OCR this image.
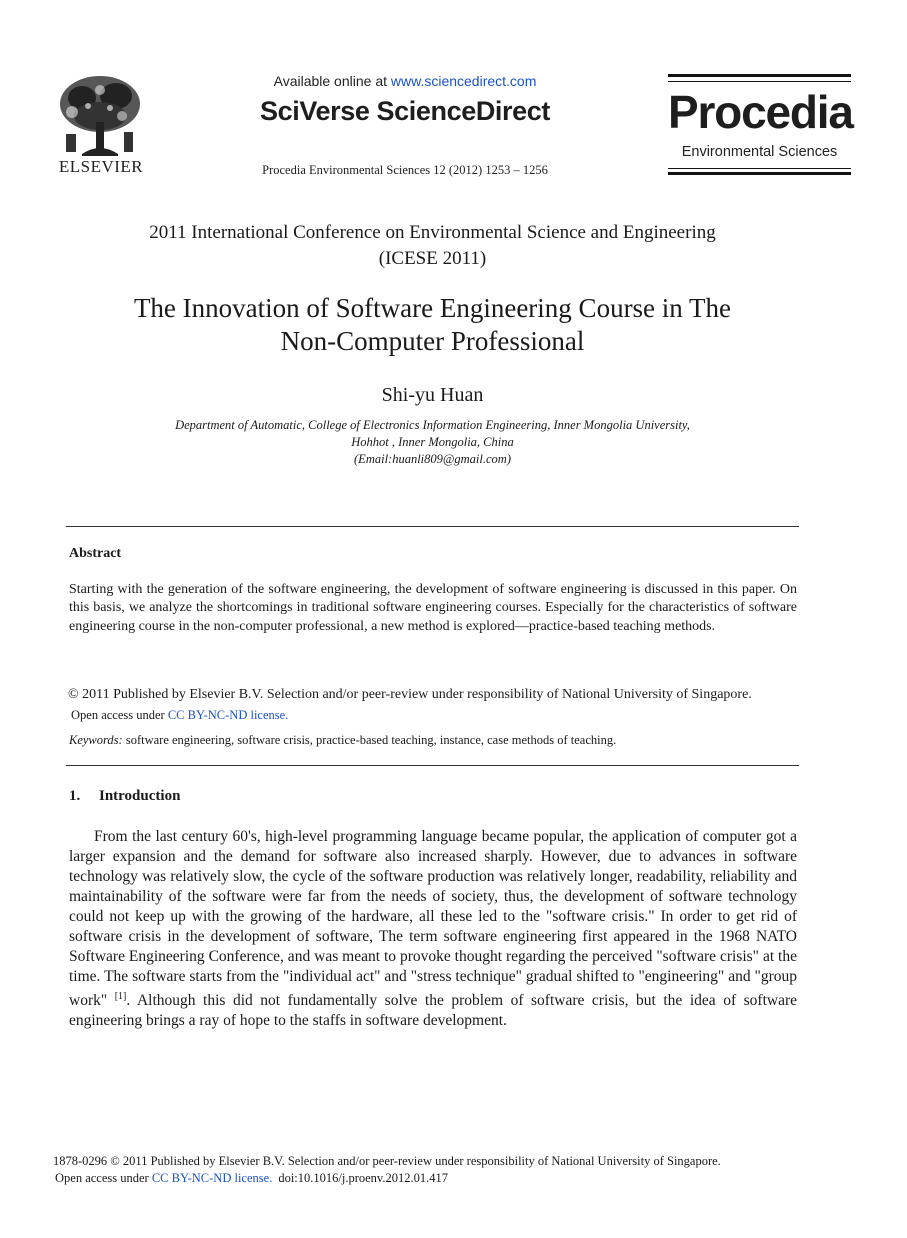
ELSEVIER
Available online at www.sciencedirect.com
SciVerse ScienceDirect
Procedia Environmental Sciences 12 (2012) 1253 – 1256
Procedia
Environmental Sciences
2011 International Conference on Environmental Science and Engineering
(ICESE 2011)
The Innovation of Software Engineering Course in The
Non-Computer Professional
Shi-yu Huan
Department of Automatic, College of Electronics Information Engineering, Inner Mongolia University,
Hohhot , Inner Mongolia, China
(Email:huanli809@gmail.com)
Abstract
Starting with the generation of the software engineering, the development of software engineering is discussed in this paper. On this basis, we analyze the shortcomings in traditional software engineering courses. Especially for the characteristics of software engineering course in the non-computer professional, a new method is explored—practice-based teaching methods.
© 2011 Published by Elsevier B.V. Selection and/or peer-review under responsibility of National University of Singapore.
Open access under CC BY-NC-ND license.
Keywords: software engineering, software crisis, practice-based teaching, instance, case methods of teaching.
1. Introduction
From the last century 60's, high-level programming language became popular, the application of computer got a larger expansion and the demand for software also increased sharply. However, due to advances in software technology was relatively slow, the cycle of the software production was relatively longer, readability, reliability and maintainability of the software were far from the needs of society, thus, the development of software technology could not keep up with the growing of the hardware, all these led to the "software crisis." In order to get rid of software crisis in the development of software, The term software engineering first appeared in the 1968 NATO Software Engineering Conference, and was meant to provoke thought regarding the perceived "software crisis" at the time. The software starts from the "individual act" and "stress technique" gradual shifted to "engineering" and "group work" [1]. Although this did not fundamentally solve the problem of software crisis, but the idea of software engineering brings a ray of hope to the staffs in software development.
1878-0296 © 2011 Published by Elsevier B.V. Selection and/or peer-review under responsibility of National University of Singapore.
Open access under CC BY-NC-ND license. doi:10.1016/j.proenv.2012.01.417
